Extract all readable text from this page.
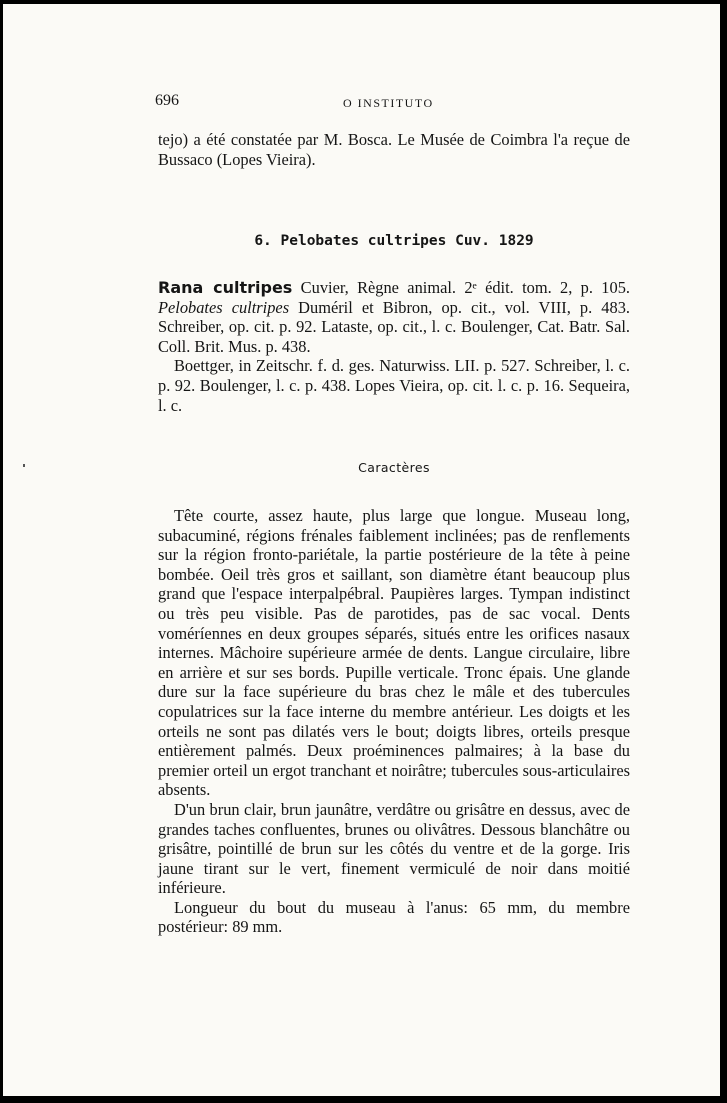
696	O INSTITUTO

tejo) a été constatée par M. Bosca. Le Musée de Coimbra l'a reçue de Bussaco (Lopes Vieira).

6. Pelobates cultripes Cuv. 1829

Rana cultripes Cuvier, Règne animal. 2ᵉ édit. tom. 2, p. 105. Pelobates cultripes Duméril et Bibron, op. cit., vol. VIII, p. 483. Schreiber, op. cit. p. 92. Lataste, op. cit., l. c. Boulenger, Cat. Batr. Sal. Coll. Brit. Mus. p. 438.

Boettger, in Zeitschr. f. d. ges. Naturwiss. LII. p. 527. Schreiber, l. c. p. 92. Boulenger, l. c. p. 438. Lopes Vieira, op. cit. l. c. p. 16. Sequeira, l. c.

Caractères

Tête courte, assez haute, plus large que longue. Museau long, subacuminé, régions frénales faiblement inclinées; pas de renflements sur la région fronto-pariétale, la partie postérieure de la tête à peine bombée. Oeil très gros et saillant, son diamètre étant beaucoup plus grand que l'espace interpalpébral. Paupières larges. Tympan indistinct ou très peu visible. Pas de parotides, pas de sac vocal. Dents voméríennes en deux groupes séparés, situés entre les orifices nasaux internes. Mâchoire supérieure armée de dents. Langue circulaire, libre en arrière et sur ses bords. Pupille verticale. Tronc épais. Une glande dure sur la face supérieure du bras chez le mâle et des tubercules copulatrices sur la face interne du membre antérieur. Les doigts et les orteils ne sont pas dilatés vers le bout; doigts libres, orteils presque entièrement palmés. Deux proéminences palmaires; à la base du premier orteil un ergot tranchant et noirâtre; tubercules sous-articulaires absents.

D'un brun clair, brun jaunâtre, verdâtre ou grisâtre en dessus, avec de grandes taches confluentes, brunes ou olivâtres. Dessous blanchâtre ou grisâtre, pointillé de brun sur les côtés du ventre et de la gorge. Iris jaune tirant sur le vert, finement vermiculé de noir dans moitié inférieure.

Longueur du bout du museau à l'anus: 65 mm, du membre postérieur: 89 mm.
